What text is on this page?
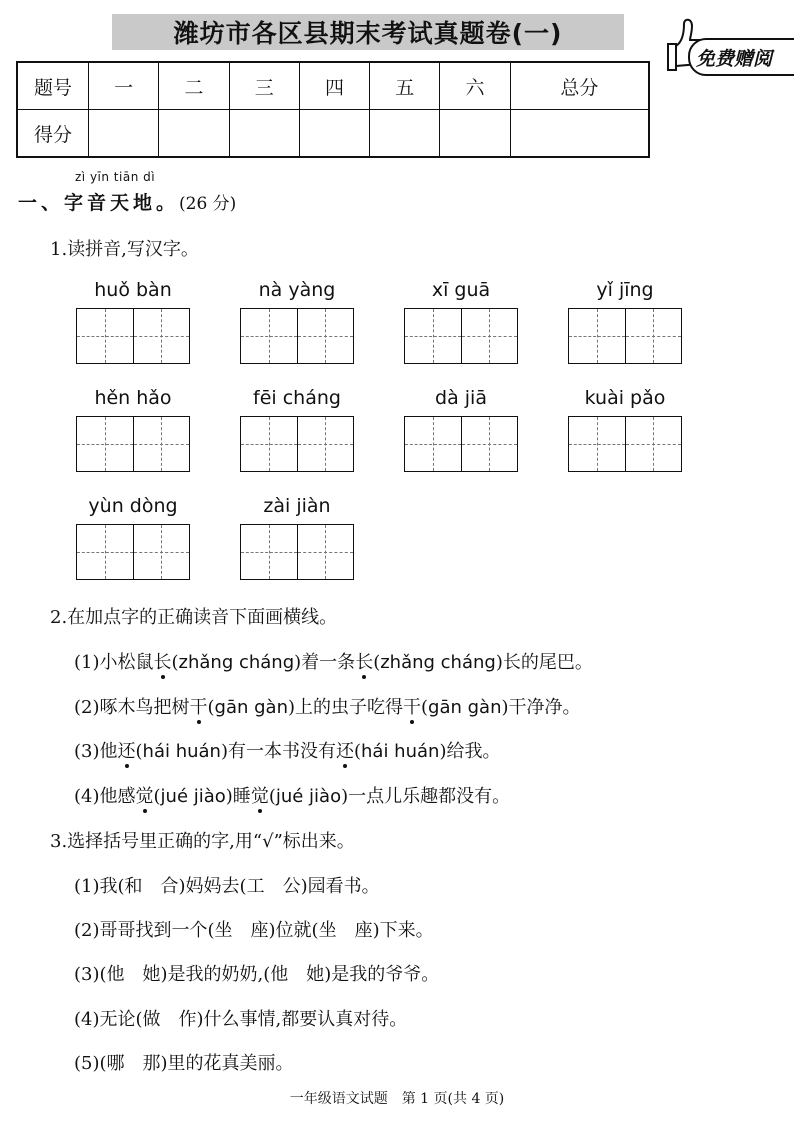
潍坊市各区县期末考试真题卷(一)
免费赠阅
题号	一	二	三	四	五	六	总分
得分							
zì yīn tiān dì
一、字音天地。(26 分)
1.读拼音,写汉字。
huǒ bàn	nà yàng	xī guā	yǐ jīng
hěn hǎo	fēi cháng	dà jiā	kuài pǎo
yùn dòng	zài jiàn
2.在加点字的正确读音下面画横线。
(1)小松鼠长(zhǎng cháng)着一条长(zhǎng cháng)长的尾巴。
(2)啄木鸟把树干(gān gàn)上的虫子吃得干(gān gàn)干净净。
(3)他还(hái huán)有一本书没有还(hái huán)给我。
(4)他感觉(jué jiào)睡觉(jué jiào)一点儿乐趣都没有。
3.选择括号里正确的字,用“√”标出来。
(1)我(和　合)妈妈去(工　公)园看书。
(2)哥哥找到一个(坐　座)位就(坐　座)下来。
(3)(他　她)是我的奶奶,(他　她)是我的爷爷。
(4)无论(做　作)什么事情,都要认真对待。
(5)(哪　那)里的花真美丽。
一年级语文试题　第 1 页(共 4 页)
